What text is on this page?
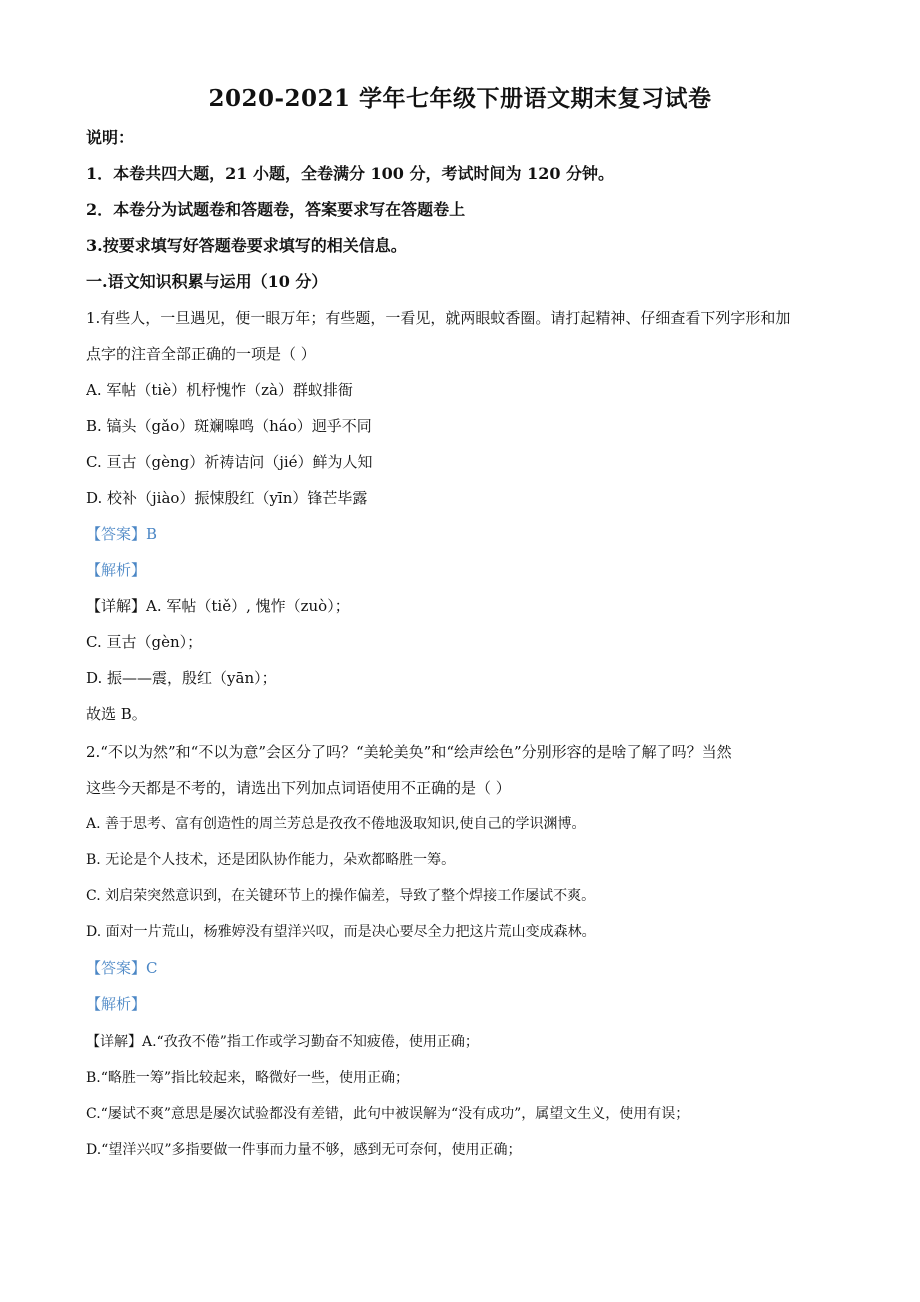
2020-2021 学年七年级下册语文期末复习试卷
说明：
1．本卷共四大题，21 小题，全卷满分 100 分，考试时间为 120 分钟。
2．本卷分为试题卷和答题卷，答案要求写在答题卷上
3.按要求填写好答题卷要求填写的相关信息。
一.语文知识积累与运用（10 分）
1.有些人，一旦遇见，便一眼万年；有些题，一看见，就两眼蚊香圈。请打起精神、仔细查看下列字形和加
点字的注音全部正确的一项是（ ）
A. 军帖（tiè）机杼愧怍（zà）群蚁排衙
B. 镐头（gǎo）斑斓嗥鸣（háo）迥乎不同
C. 亘古（gèng）祈祷诘问（jié）鲜为人知
D. 校补（jiào）振悚殷红（yīn）锋芒毕露
【答案】B
【解析】
【详解】A. 军帖（tiě）, 愧怍（zuò）；
C. 亘古（gèn）；
D. 振——震，殷红（yān）；
故选 B。
2.“不以为然”和“不以为意”会区分了吗？“美轮美奂”和“绘声绘色”分别形容的是啥了解了吗？当然
这些今天都是不考的，请选出下列加点词语使用不正确的是（ ）
A. 善于思考、富有创造性的周兰芳总是孜孜不倦地汲取知识,使自己的学识渊博。
B. 无论是个人技术，还是团队协作能力，朵欢都略胜一筹。
C. 刘启荣突然意识到，在关键环节上的操作偏差，导致了整个焊接工作屡试不爽。
D. 面对一片荒山，杨雅婷没有望洋兴叹，而是决心要尽全力把这片荒山变成森林。
【答案】C
【解析】
【详解】A.“孜孜不倦”指工作或学习勤奋不知疲倦，使用正确；
B.“略胜一筹”指比较起来，略微好一些，使用正确；
C.“屡试不爽”意思是屡次试验都没有差错，此句中被误解为“没有成功”，属望文生义，使用有误；
D.“望洋兴叹”多指要做一件事而力量不够，感到无可奈何，使用正确；
